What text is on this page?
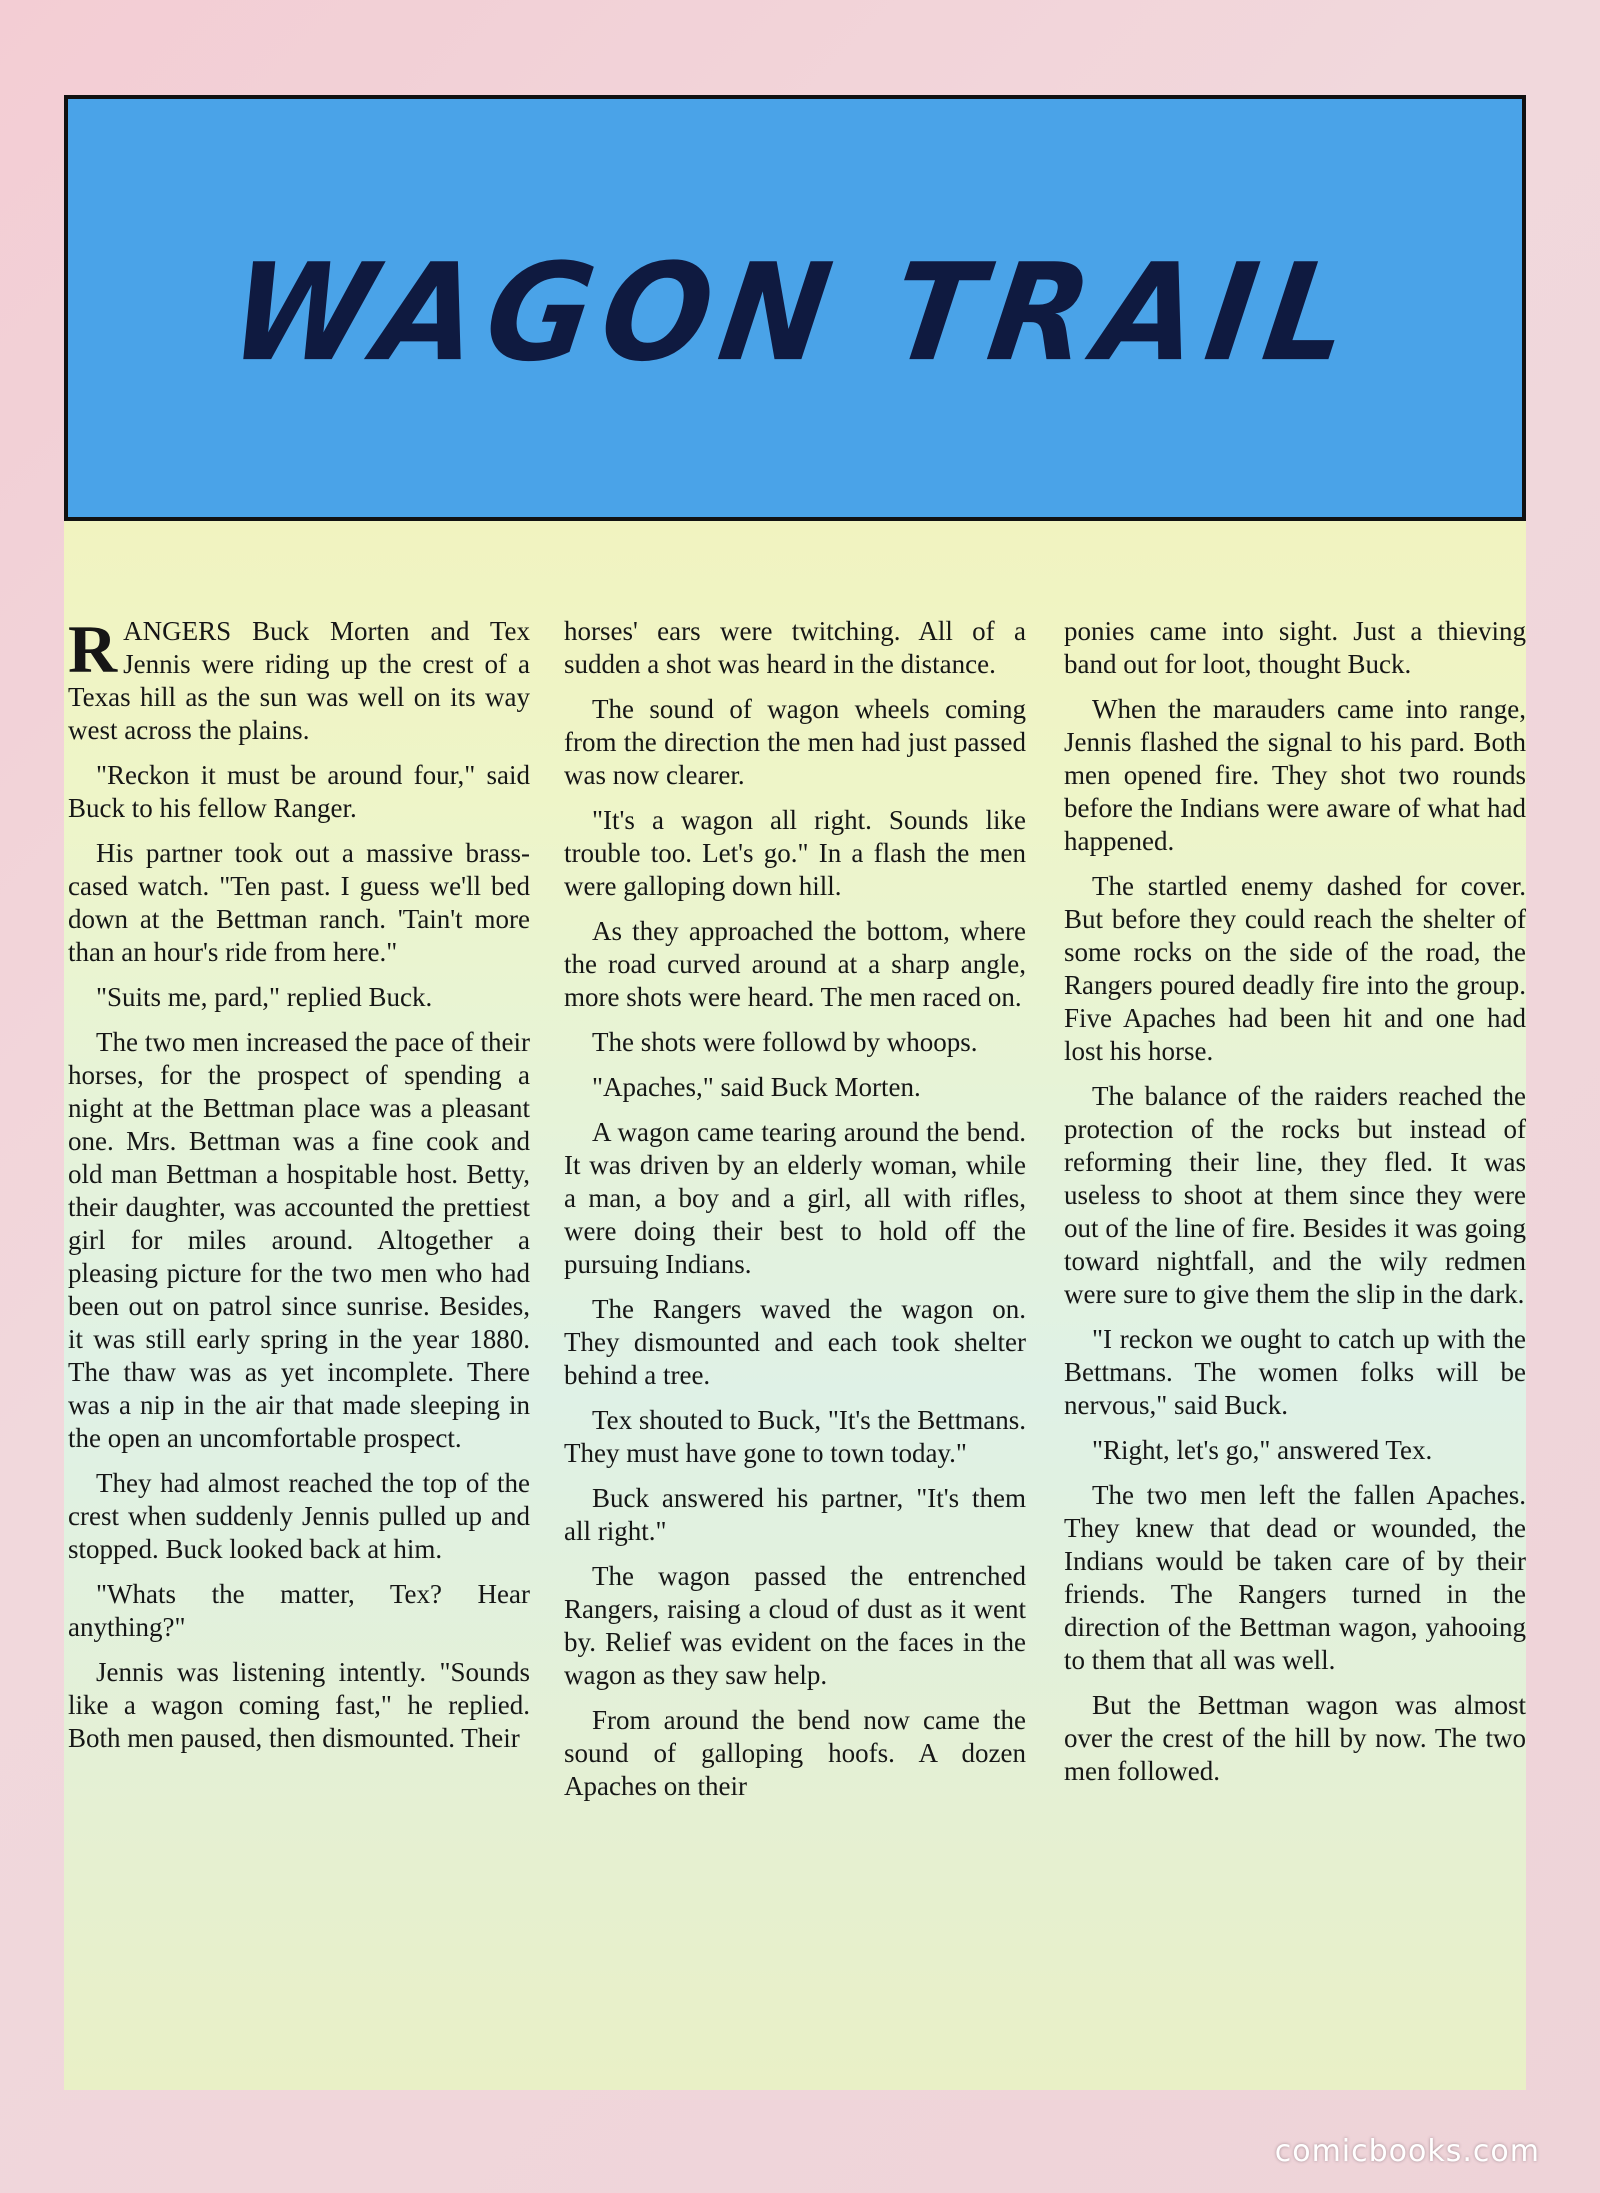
WAGON TRAIL

RANGERS Buck Morten and Tex Jennis were riding up the crest of a Texas hill as the sun was well on its way west across the plains.

"Reckon it must be around four," said Buck to his fellow Ranger.

His partner took out a massive brass-cased watch. "Ten past. I guess we'll bed down at the Bettman ranch. 'Tain't more than an hour's ride from here."

"Suits me, pard," replied Buck.

The two men increased the pace of their horses, for the prospect of spending a night at the Bettman place was a pleasant one. Mrs. Bettman was a fine cook and old man Bettman a hospitable host. Betty, their daughter, was accounted the prettiest girl for miles around. Altogether a pleasing picture for the two men who had been out on patrol since sunrise. Besides, it was still early spring in the year 1880. The thaw was as yet incomplete. There was a nip in the air that made sleeping in the open an uncomfortable prospect.

They had almost reached the top of the crest when suddenly Jennis pulled up and stopped. Buck looked back at him.

"Whats the matter, Tex? Hear anything?"

Jennis was listening intently. "Sounds like a wagon coming fast," he replied. Both men paused, then dismounted. Their

horses' ears were twitching. All of a sudden a shot was heard in the distance.

The sound of wagon wheels coming from the direction the men had just passed was now clearer.

"It's a wagon all right. Sounds like trouble too. Let's go." In a flash the men were galloping down hill.

As they approached the bottom, where the road curved around at a sharp angle, more shots were heard. The men raced on.

The shots were followd by whoops.

"Apaches," said Buck Morten.

A wagon came tearing around the bend. It was driven by an elderly woman, while a man, a boy and a girl, all with rifles, were doing their best to hold off the pursuing Indians.

The Rangers waved the wagon on. They dismounted and each took shelter behind a tree.

Tex shouted to Buck, "It's the Bettmans. They must have gone to town today."

Buck answered his partner, "It's them all right."

The wagon passed the entrenched Rangers, raising a cloud of dust as it went by. Relief was evident on the faces in the wagon as they saw help.

From around the bend now came the sound of galloping hoofs. A dozen Apaches on their

ponies came into sight. Just a thieving band out for loot, thought Buck.

When the marauders came into range, Jennis flashed the signal to his pard. Both men opened fire. They shot two rounds before the Indians were aware of what had happened.

The startled enemy dashed for cover. But before they could reach the shelter of some rocks on the side of the road, the Rangers poured deadly fire into the group. Five Apaches had been hit and one had lost his horse.

The balance of the raiders reached the protection of the rocks but instead of reforming their line, they fled. It was useless to shoot at them since they were out of the line of fire. Besides it was going toward nightfall, and the wily redmen were sure to give them the slip in the dark.

"I reckon we ought to catch up with the Bettmans. The women folks will be nervous," said Buck.

"Right, let's go," answered Tex.

The two men left the fallen Apaches. They knew that dead or wounded, the Indians would be taken care of by their friends. The Rangers turned in the direction of the Bettman wagon, yahooing to them that all was well.

But the Bettman wagon was almost over the crest of the hill by now. The two men followed.

comicbooks.com
